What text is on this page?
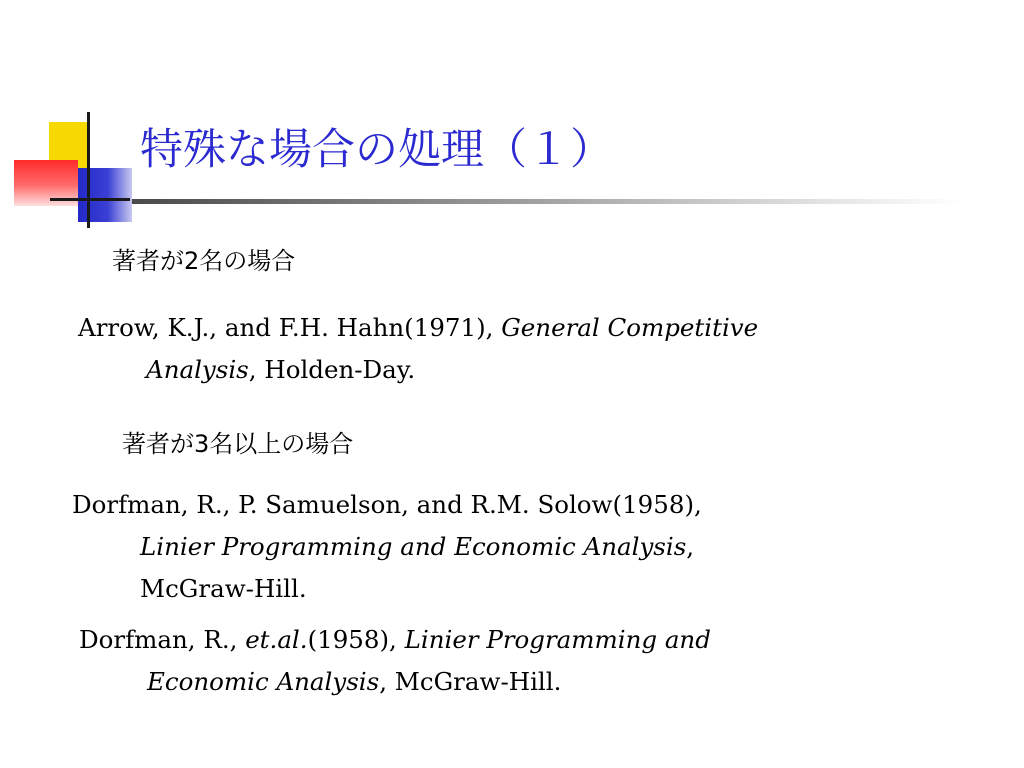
特殊な場合の処理（１）

著者が2名の場合

Arrow, K.J., and F.H. Hahn(1971), General Competitive
Analysis, Holden-Day.

著者が3名以上の場合

Dorfman, R., P. Samuelson, and R.M. Solow(1958),
Linier Programming and Economic Analysis,
McGraw-Hill.

Dorfman, R., et.al.(1958), Linier Programming and
Economic Analysis, McGraw-Hill.
